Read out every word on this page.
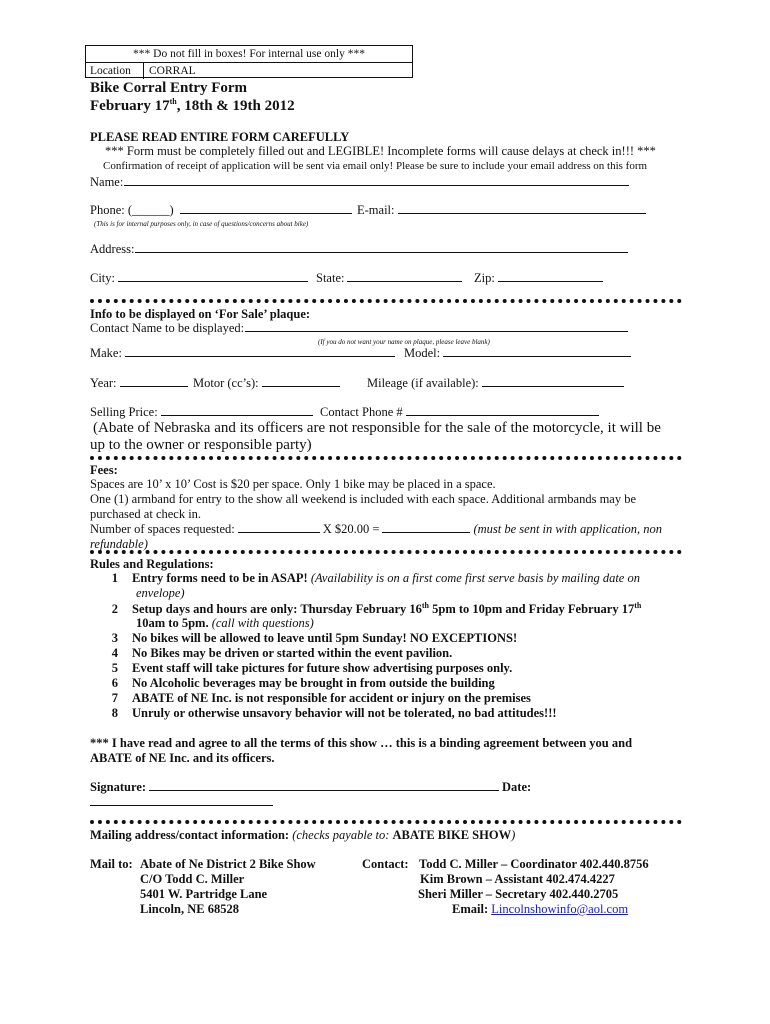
*** Do not fill in boxes! For internal use only ***
Location	CORRAL
Bike Corral Entry Form
February 17th, 18th & 19th 2012
PLEASE READ ENTIRE FORM CAREFULLY
*** Form must be completely filled out and LEGIBLE! Incomplete forms will cause delays at check in!!! ***
Confirmation of receipt of application will be sent via email only! Please be sure to include your email address on this form
Name:
Phone: (______)	E-mail:
(This is for internal purposes only, in case of questions/concerns about bike)
Address:
City:	State:	Zip:
Info to be displayed on ‘For Sale’ plaque:
Contact Name to be displayed:
(If you do not want your name on plaque, please leave blank)
Make:	Model:
Year:	Motor (cc’s):	Mileage (if available):
Selling Price:	Contact Phone #
(Abate of Nebraska and its officers are not responsible for the sale of the motorcycle, it will be
up to the owner or responsible party)
Fees:
Spaces are 10’ x 10’ Cost is $20 per space. Only 1 bike may be placed in a space.
One (1) armband for entry to the show all weekend is included with each space. Additional armbands may be
purchased at check in.
Number of spaces requested:	X $20.00 =	(must be sent in with application, non
refundable)
Rules and Regulations:
1 Entry forms need to be in ASAP! (Availability is on a first come first serve basis by mailing date on
envelope)
2 Setup days and hours are only: Thursday February 16th 5pm to 10pm and Friday February 17th
10am to 5pm. (call with questions)
3 No bikes will be allowed to leave until 5pm Sunday! NO EXCEPTIONS!
4 No Bikes may be driven or started within the event pavilion.
5 Event staff will take pictures for future show advertising purposes only.
6 No Alcoholic beverages may be brought in from outside the building
7 ABATE of NE Inc. is not responsible for accident or injury on the premises
8 Unruly or otherwise unsavory behavior will not be tolerated, no bad attitudes!!!
*** I have read and agree to all the terms of this show … this is a binding agreement between you and
ABATE of NE Inc. and its officers.
Signature:	Date:
Mailing address/contact information: (checks payable to: ABATE BIKE SHOW)
Mail to: Abate of Ne District 2 Bike Show
C/O Todd C. Miller
5401 W. Partridge Lane
Lincoln, NE 68528
Contact: Todd C. Miller – Coordinator 402.440.8756
Kim Brown – Assistant 402.474.4227
Sheri Miller – Secretary 402.440.2705
Email: Lincolnshowinfo@aol.com
